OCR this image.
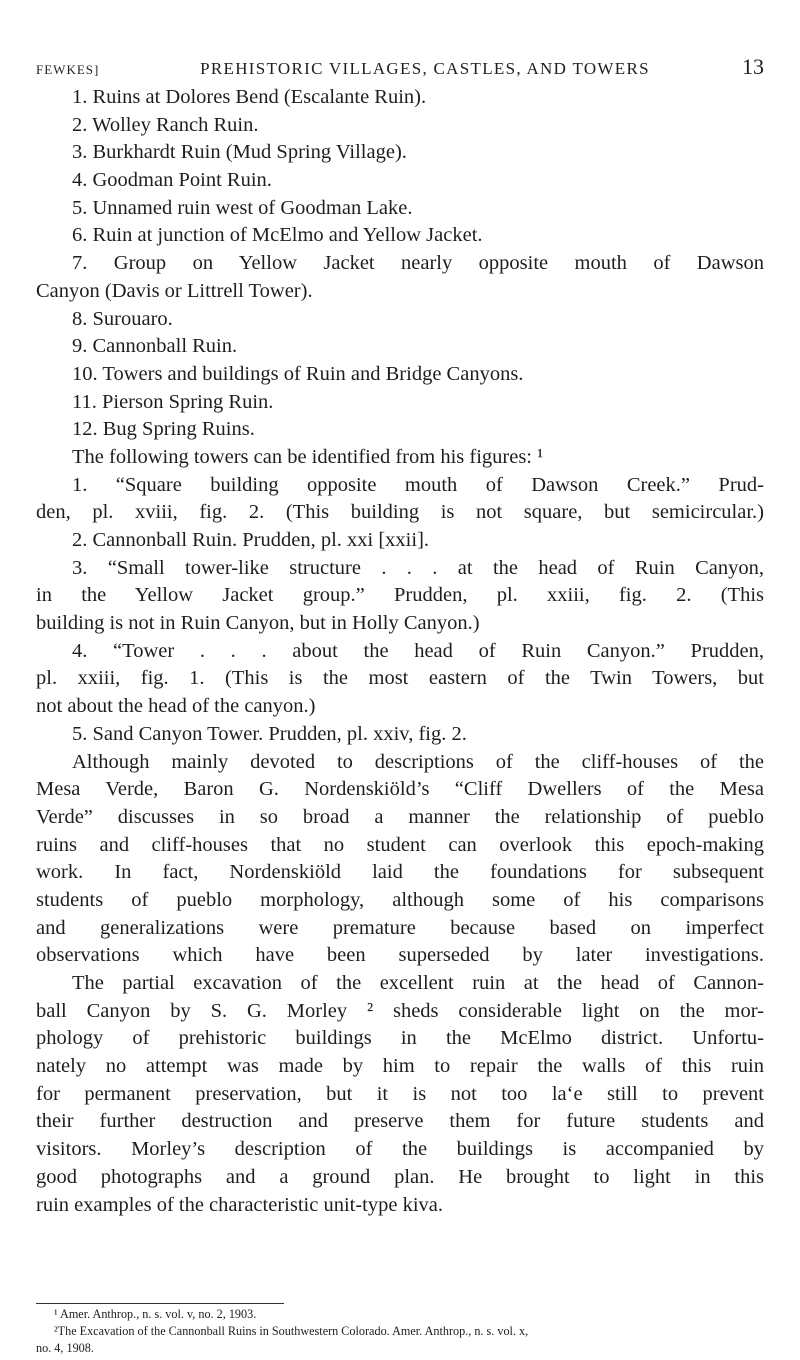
FEWKES]	PREHISTORIC VILLAGES, CASTLES, AND TOWERS	13
1. Ruins at Dolores Bend (Escalante Ruin).
2. Wolley Ranch Ruin.
3. Burkhardt Ruin (Mud Spring Village).
4. Goodman Point Ruin.
5. Unnamed ruin west of Goodman Lake.
6. Ruin at junction of McElmo and Yellow Jacket.
7. Group on Yellow Jacket nearly opposite mouth of Dawson
Canyon (Davis or Littrell Tower).
8. Surouaro.
9. Cannonball Ruin.
10. Towers and buildings of Ruin and Bridge Canyons.
11. Pierson Spring Ruin.
12. Bug Spring Ruins.
The following towers can be identified from his figures: ¹
1. “Square building opposite mouth of Dawson Creek.” Prud-
den, pl. xviii, fig. 2. (This building is not square, but semicircular.)
2. Cannonball Ruin. Prudden, pl. xxi [xxii].
3. “Small tower-like structure . . . at the head of Ruin Canyon,
in the Yellow Jacket group.” Prudden, pl. xxiii, fig. 2. (This
building is not in Ruin Canyon, but in Holly Canyon.)
4. “Tower . . . about the head of Ruin Canyon.” Prudden,
pl. xxiii, fig. 1. (This is the most eastern of the Twin Towers, but
not about the head of the canyon.)
5. Sand Canyon Tower. Prudden, pl. xxiv, fig. 2.
Although mainly devoted to descriptions of the cliff-houses of the
Mesa Verde, Baron G. Nordenskiöld’s “Cliff Dwellers of the Mesa
Verde” discusses in so broad a manner the relationship of pueblo
ruins and cliff-houses that no student can overlook this epoch-making
work. In fact, Nordenskiöld laid the foundations for subsequent
students of pueblo morphology, although some of his comparisons
and generalizations were premature because based on imperfect
observations which have been superseded by later investigations.
The partial excavation of the excellent ruin at the head of Cannon-
ball Canyon by S. G. Morley ² sheds considerable light on the mor-
phology of prehistoric buildings in the McElmo district. Unfortu-
nately no attempt was made by him to repair the walls of this ruin
for permanent preservation, but it is not too la‘e still to prevent
their further destruction and preserve them for future students and
visitors. Morley’s description of the buildings is accompanied by
good photographs and a ground plan. He brought to light in this
ruin examples of the characteristic unit-type kiva.
¹ Amer. Anthrop., n. s. vol. v, no. 2, 1903.
²The Excavation of the Cannonball Ruins in Southwestern Colorado. Amer. Anthrop., n. s. vol. x,
no. 4, 1908.
